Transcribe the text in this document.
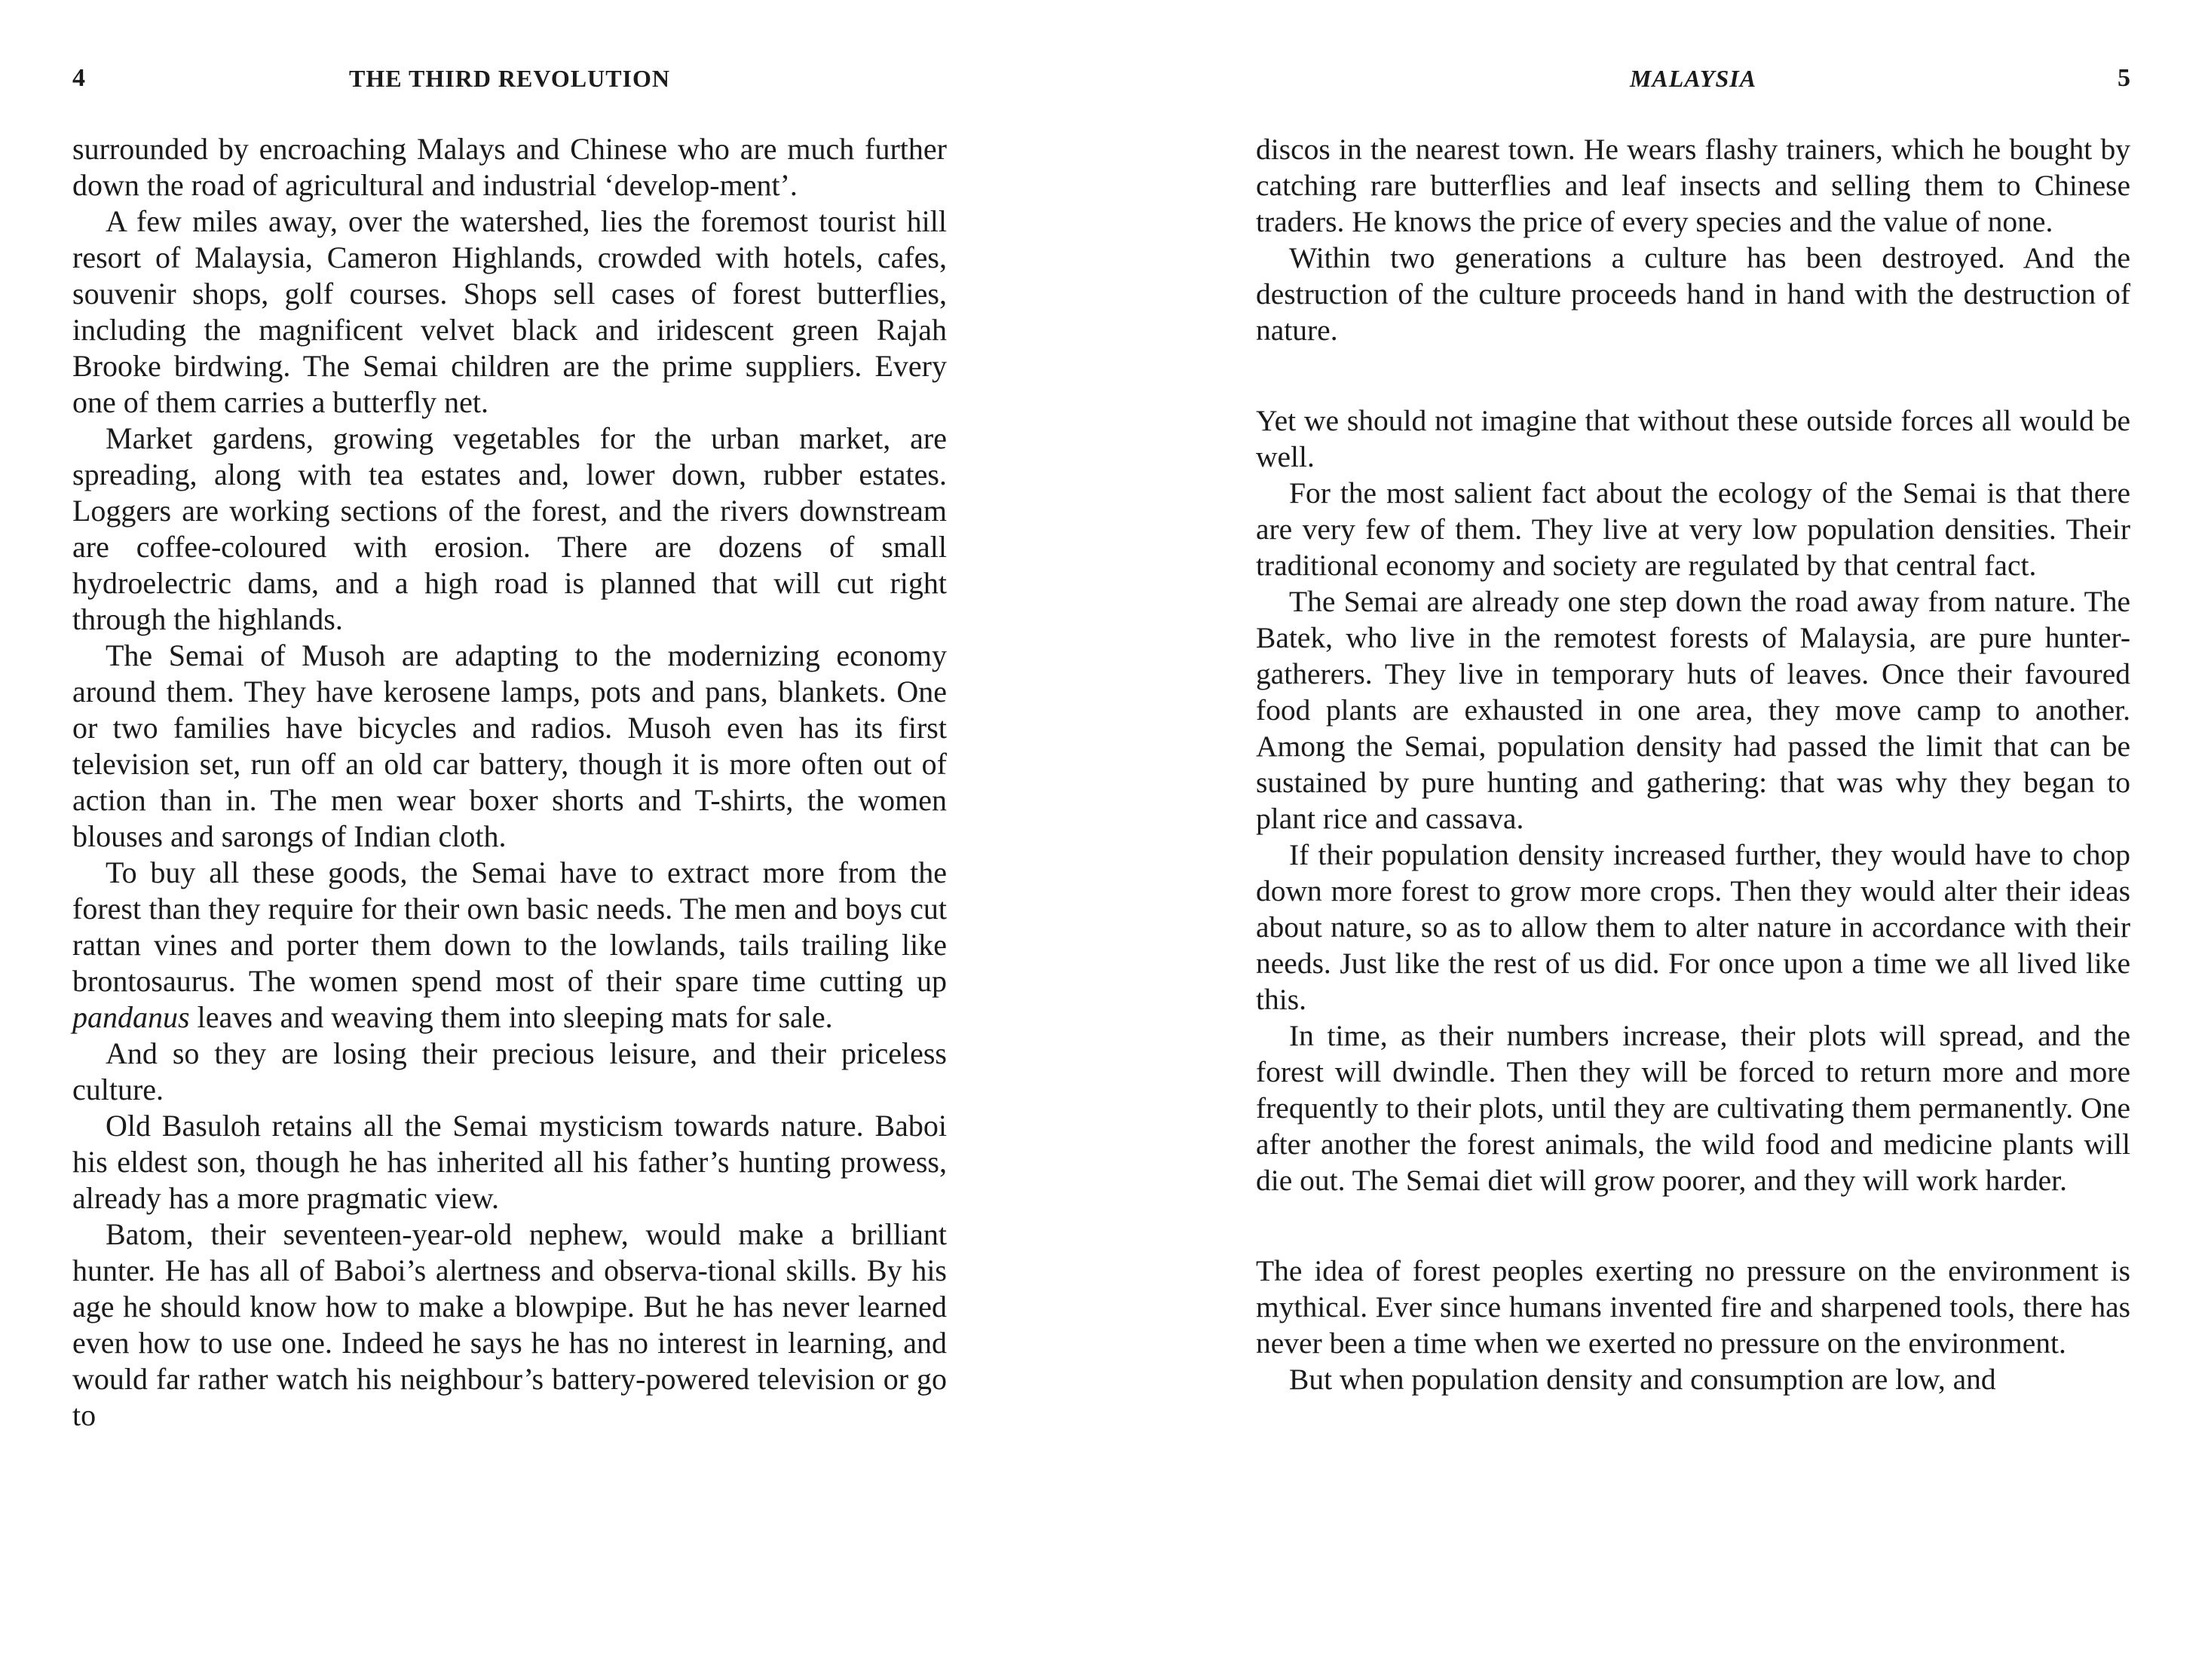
4	THE THIRD REVOLUTION

surrounded by encroaching Malays and Chinese who are much further down the road of agricultural and industrial ‘develop-ment’.

A few miles away, over the watershed, lies the foremost tourist hill resort of Malaysia, Cameron Highlands, crowded with hotels, cafes, souvenir shops, golf courses. Shops sell cases of forest butterflies, including the magnificent velvet black and iridescent green Rajah Brooke birdwing. The Semai children are the prime suppliers. Every one of them carries a butterfly net.

Market gardens, growing vegetables for the urban market, are spreading, along with tea estates and, lower down, rubber estates. Loggers are working sections of the forest, and the rivers downstream are coffee-coloured with erosion. There are dozens of small hydroelectric dams, and a high road is planned that will cut right through the highlands.

The Semai of Musoh are adapting to the modernizing economy around them. They have kerosene lamps, pots and pans, blankets. One or two families have bicycles and radios. Musoh even has its first television set, run off an old car battery, though it is more often out of action than in. The men wear boxer shorts and T-shirts, the women blouses and sarongs of Indian cloth.

To buy all these goods, the Semai have to extract more from the forest than they require for their own basic needs. The men and boys cut rattan vines and porter them down to the lowlands, tails trailing like brontosaurus. The women spend most of their spare time cutting up pandanus leaves and weaving them into sleeping mats for sale.

And so they are losing their precious leisure, and their priceless culture.

Old Basuloh retains all the Semai mysticism towards nature. Baboi his eldest son, though he has inherited all his father’s hunting prowess, already has a more pragmatic view.

Batom, their seventeen-year-old nephew, would make a brilliant hunter. He has all of Baboi’s alertness and observa-tional skills. By his age he should know how to make a blowpipe. But he has never learned even how to use one. Indeed he says he has no interest in learning, and would far rather watch his neighbour’s battery-powered television or go to

MALAYSIA	5

discos in the nearest town. He wears flashy trainers, which he bought by catching rare butterflies and leaf insects and selling them to Chinese traders. He knows the price of every species and the value of none.

Within two generations a culture has been destroyed. And the destruction of the culture proceeds hand in hand with the destruction of nature.

Yet we should not imagine that without these outside forces all would be well.

For the most salient fact about the ecology of the Semai is that there are very few of them. They live at very low population densities. Their traditional economy and society are regulated by that central fact.

The Semai are already one step down the road away from nature. The Batek, who live in the remotest forests of Malaysia, are pure hunter-gatherers. They live in temporary huts of leaves. Once their favoured food plants are exhausted in one area, they move camp to another. Among the Semai, population density had passed the limit that can be sustained by pure hunting and gathering: that was why they began to plant rice and cassava.

If their population density increased further, they would have to chop down more forest to grow more crops. Then they would alter their ideas about nature, so as to allow them to alter nature in accordance with their needs. Just like the rest of us did. For once upon a time we all lived like this.

In time, as their numbers increase, their plots will spread, and the forest will dwindle. Then they will be forced to return more and more frequently to their plots, until they are cultivating them permanently. One after another the forest animals, the wild food and medicine plants will die out. The Semai diet will grow poorer, and they will work harder.

The idea of forest peoples exerting no pressure on the environment is mythical. Ever since humans invented fire and sharpened tools, there has never been a time when we exerted no pressure on the environment.

But when population density and consumption are low, and
